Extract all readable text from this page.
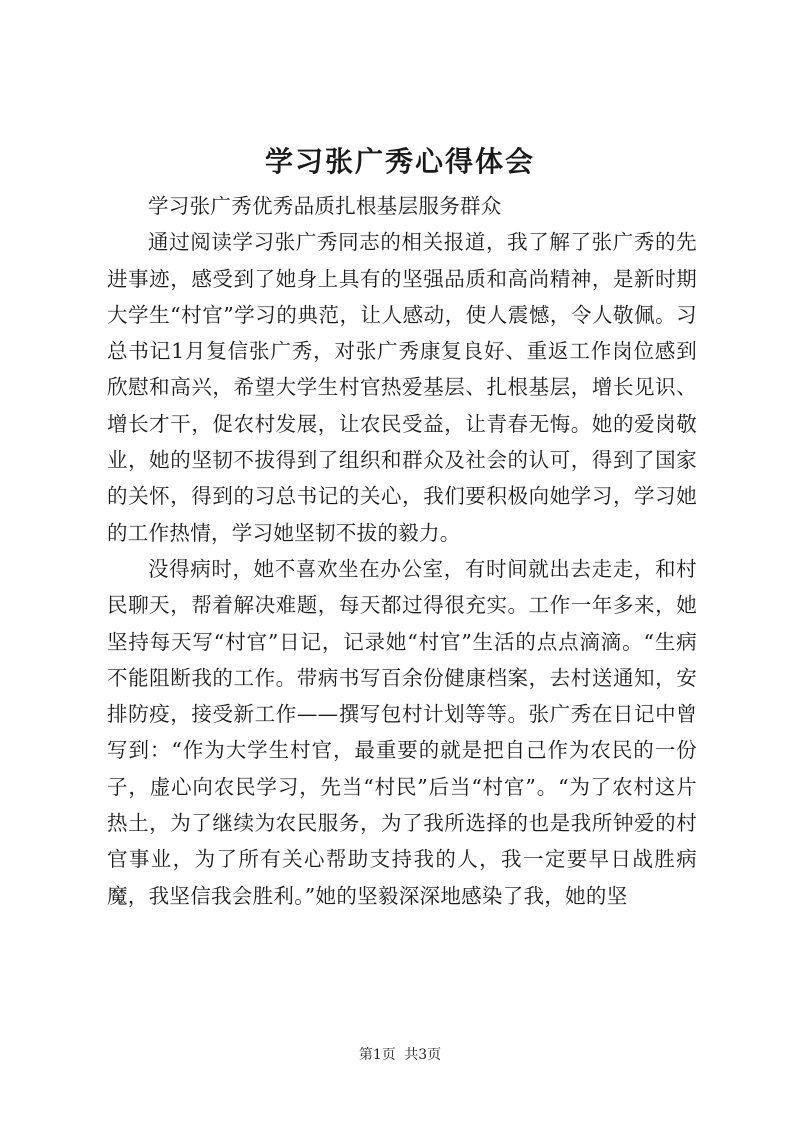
学习张广秀心得体会

学习张广秀优秀品质扎根基层服务群众

通过阅读学习张广秀同志的相关报道，我了解了张广秀的先进事迹，感受到了她身上具有的坚强品质和高尚精神，是新时期大学生“村官”学习的典范，让人感动，使人震憾，令人敬佩。习总书记1月复信张广秀，对张广秀康复良好、重返工作岗位感到欣慰和高兴，希望大学生村官热爱基层、扎根基层，增长见识、增长才干，促农村发展，让农民受益，让青春无悔。她的爱岗敬业，她的坚韧不拔得到了组织和群众及社会的认可，得到了国家的关怀，得到的习总书记的关心，我们要积极向她学习，学习她的工作热情，学习她坚韧不拔的毅力。

没得病时，她不喜欢坐在办公室，有时间就出去走走，和村民聊天，帮着解决难题，每天都过得很充实。工作一年多来，她坚持每天写“村官”日记，记录她“村官”生活的点点滴滴。“生病不能阻断我的工作。带病书写百余份健康档案，去村送通知，安排防疫，接受新工作——撰写包村计划等等。张广秀在日记中曾写到：“作为大学生村官，最重要的就是把自己作为农民的一份子，虚心向农民学习，先当“村民”后当“村官”。“为了农村这片热土，为了继续为农民服务，为了我所选择的也是我所钟爱的村官事业，为了所有关心帮助支持我的人，我一定要早日战胜病魔，我坚信我会胜利。”她的坚毅深深地感染了我，她的坚

第1页 共3页
